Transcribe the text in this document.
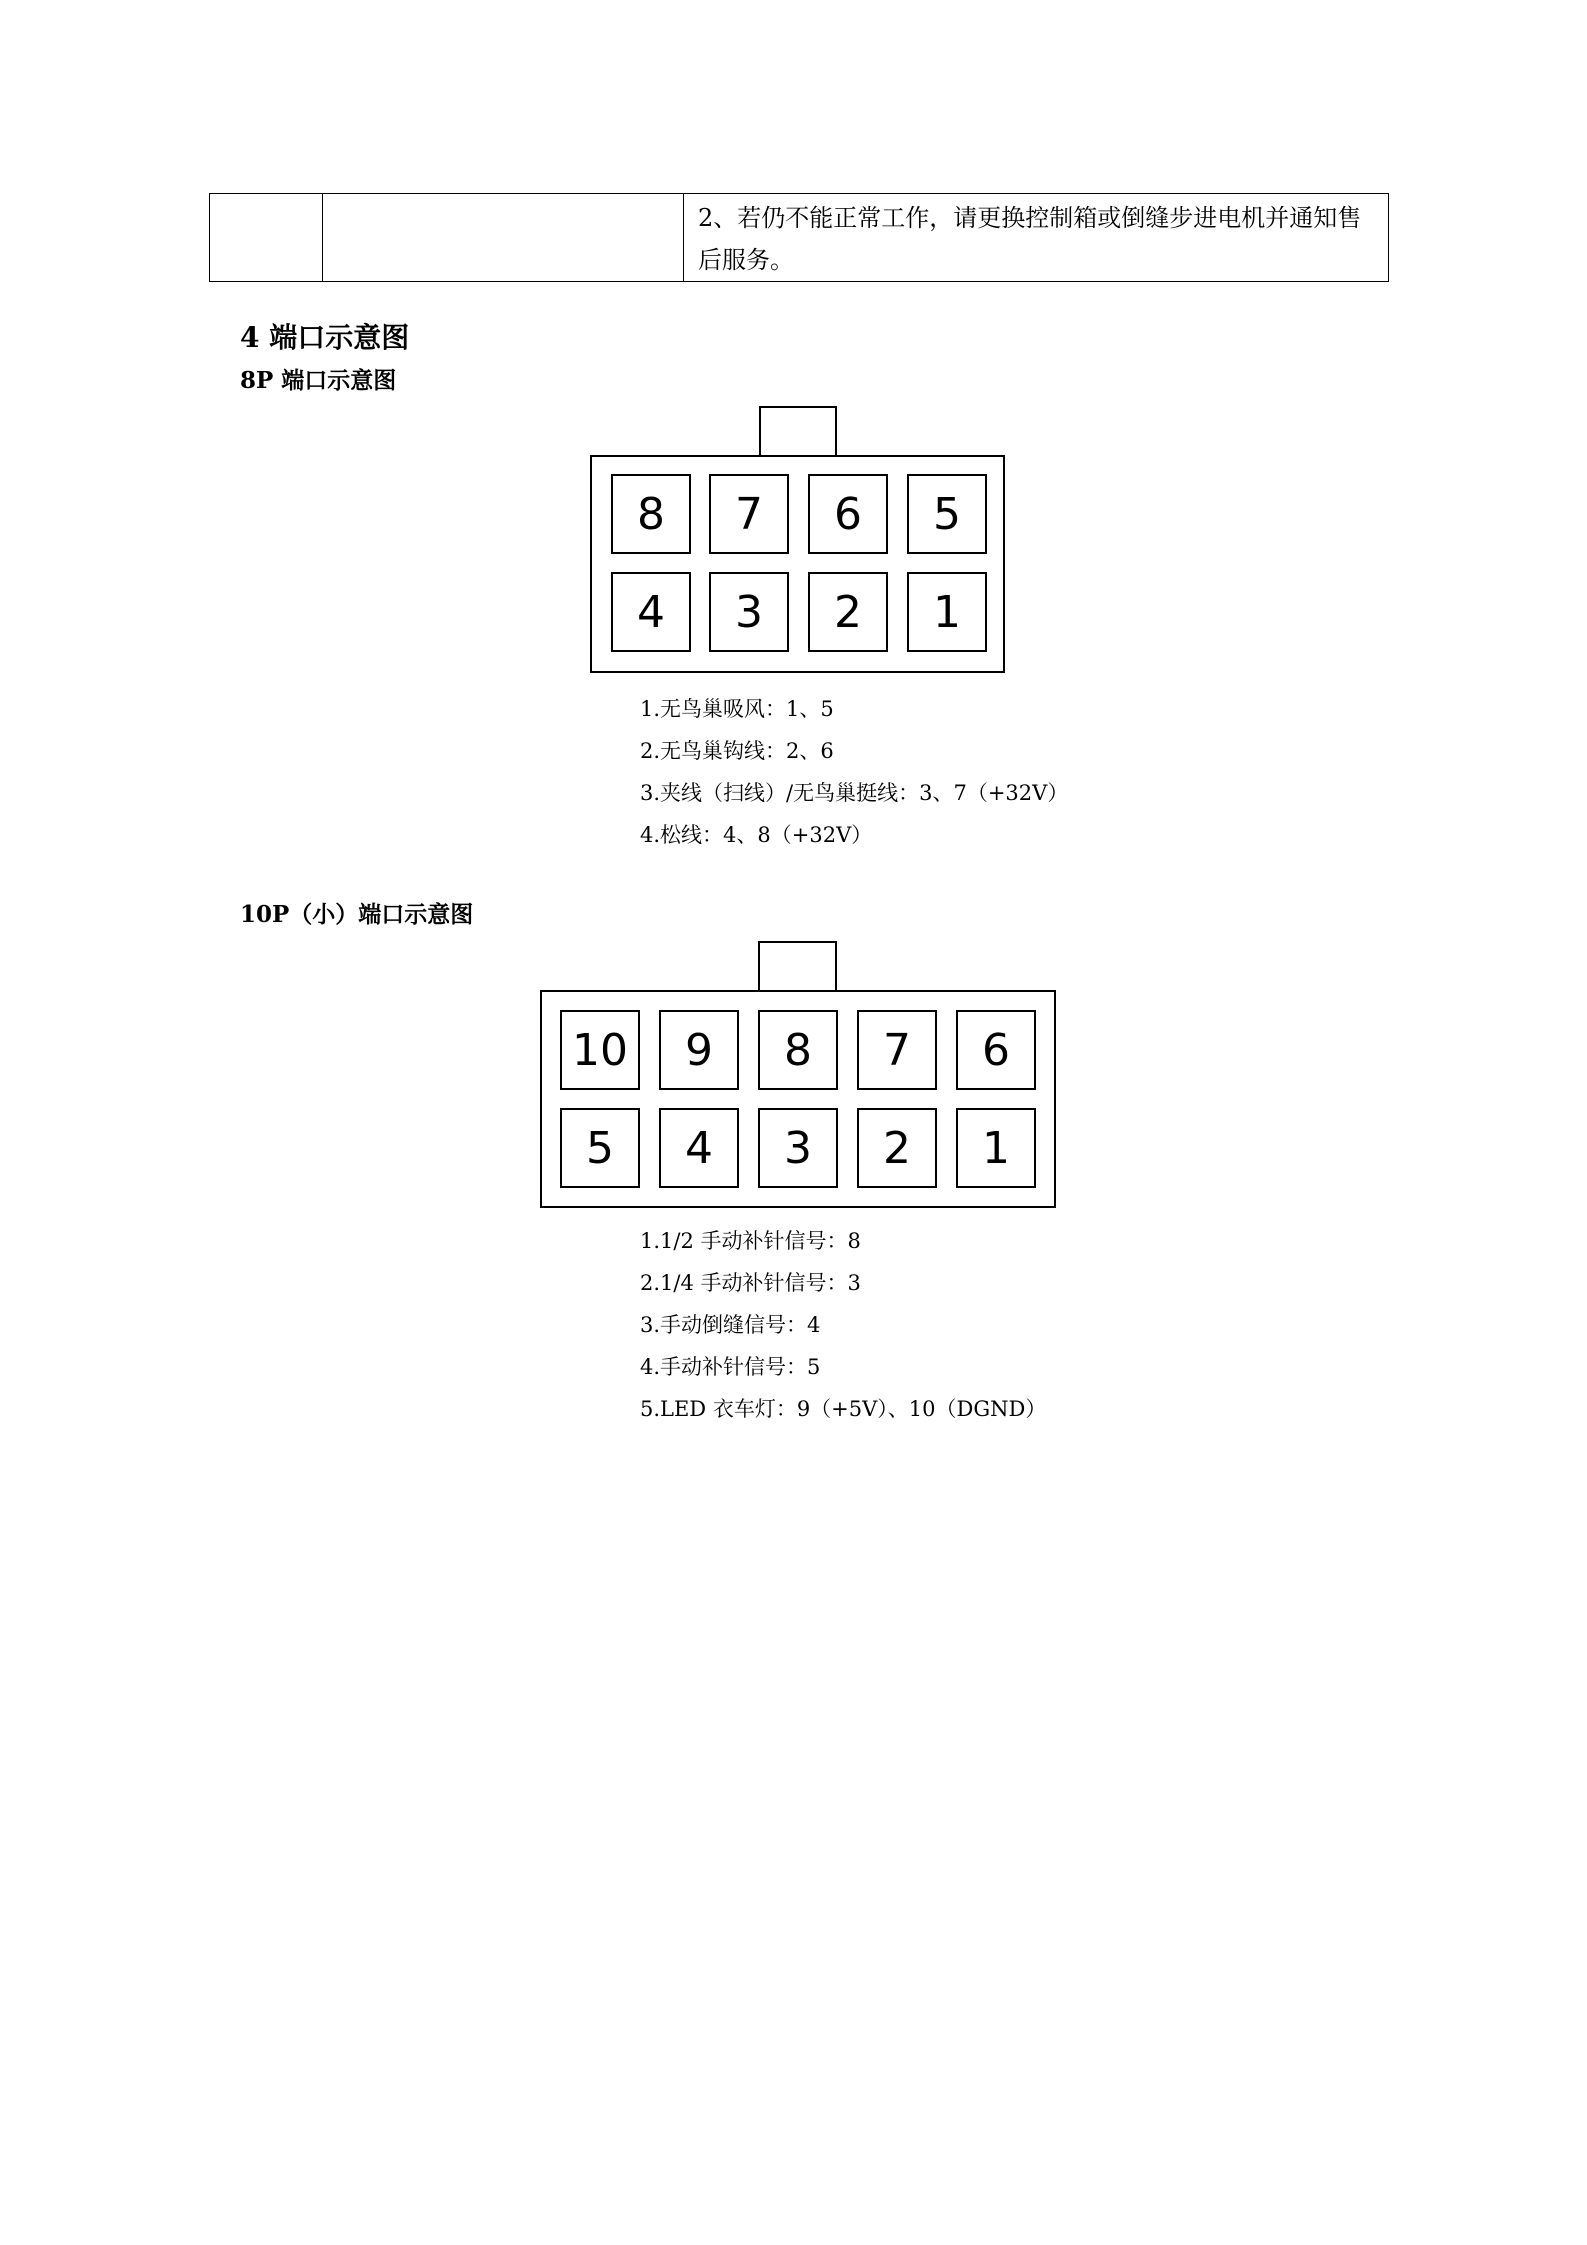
2、若仍不能正常工作，请更换控制箱或倒缝步进电机并通知售
后服务。
4 端口示意图
8P 端口示意图
8	7	6	5
4	3	2	1
1.无鸟巢吸风：1、5
2.无鸟巢钩线：2、6
3.夹线（扫线）/无鸟巢挺线：3、7（+32V）
4.松线：4、8（+32V）
10P（小）端口示意图
10	9	8	7	6
5	4	3	2	1
1.1/2 手动补针信号：8
2.1/4 手动补针信号：3
3.手动倒缝信号：4
4.手动补针信号：5
5.LED 衣车灯：9（+5V）、10（DGND）
